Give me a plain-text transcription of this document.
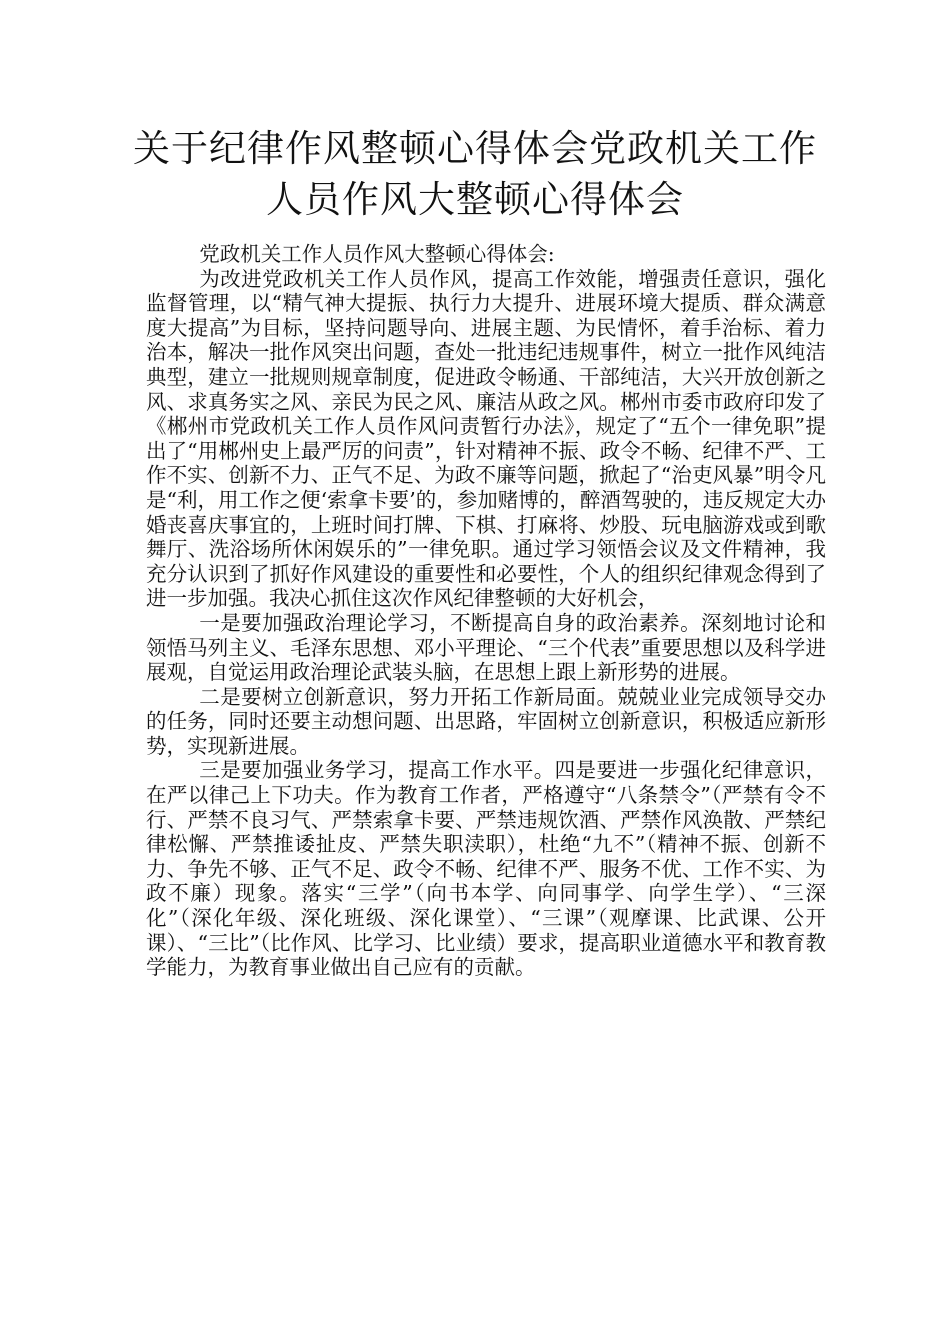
关于纪律作风整顿心得体会党政机关工作
人员作风大整顿心得体会

党政机关工作人员作风大整顿心得体会:

为改进党政机关工作人员作风，提高工作效能，增强责任意识，强化监督管理，以“精气神大提振、执行力大提升、进展环境大提质、群众满意度大提高”为目标，坚持问题导向、进展主题、为民情怀，着手治标、着力治本，解决一批作风突出问题，查处一批违纪违规事件，树立一批作风纯洁典型，建立一批规则规章制度，促进政令畅通、干部纯洁，大兴开放创新之风、求真务实之风、亲民为民之风、廉洁从政之风。郴州市委市政府印发了《郴州市党政机关工作人员作风问责暂行办法》，规定了“五个一律免职”提出了“用郴州史上最严厉的问责”，针对精神不振、政令不畅、纪律不严、工作不实、创新不力、正气不足、为政不廉等问题，掀起了“治吏风暴”明令凡是“利，用工作之便‘索拿卡要’的，参加赌博的，醉酒驾驶的，违反规定大办婚丧喜庆事宜的，上班时间打牌、下棋、打麻将、炒股、玩电脑游戏或到歌舞厅、洗浴场所休闲娱乐的”一律免职。通过学习领悟会议及文件精神，我充分认识到了抓好作风建设的重要性和必要性，个人的组织纪律观念得到了进一步加强。我决心抓住这次作风纪律整顿的大好机会，

一是要加强政治理论学习，不断提高自身的政治素养。深刻地讨论和领悟马列主义、毛泽东思想、邓小平理论、“三个代表”重要思想以及科学进展观，自觉运用政治理论武装头脑，在思想上跟上新形势的进展。

二是要树立创新意识，努力开拓工作新局面。兢兢业业完成领导交办的任务，同时还要主动想问题、出思路，牢固树立创新意识，积极适应新形势，实现新进展。

三是要加强业务学习，提高工作水平。四是要进一步强化纪律意识，在严以律己上下功夫。作为教育工作者，严格遵守“八条禁令”（严禁有令不行、严禁不良习气、严禁索拿卡要、严禁违规饮酒、严禁作风涣散、严禁纪律松懈、严禁推诿扯皮、严禁失职渎职），杜绝“九不”（精神不振、创新不力、争先不够、正气不足、政令不畅、纪律不严、服务不优、工作不实、为政不廉）现象。落实“三学”（向书本学、向同事学、向学生学）、“三深化”（深化年级、深化班级、深化课堂）、“三课”（观摩课、比武课、公开课）、“三比”（比作风、比学习、比业绩）要求，提高职业道德水平和教育教学能力，为教育事业做出自己应有的贡献。
